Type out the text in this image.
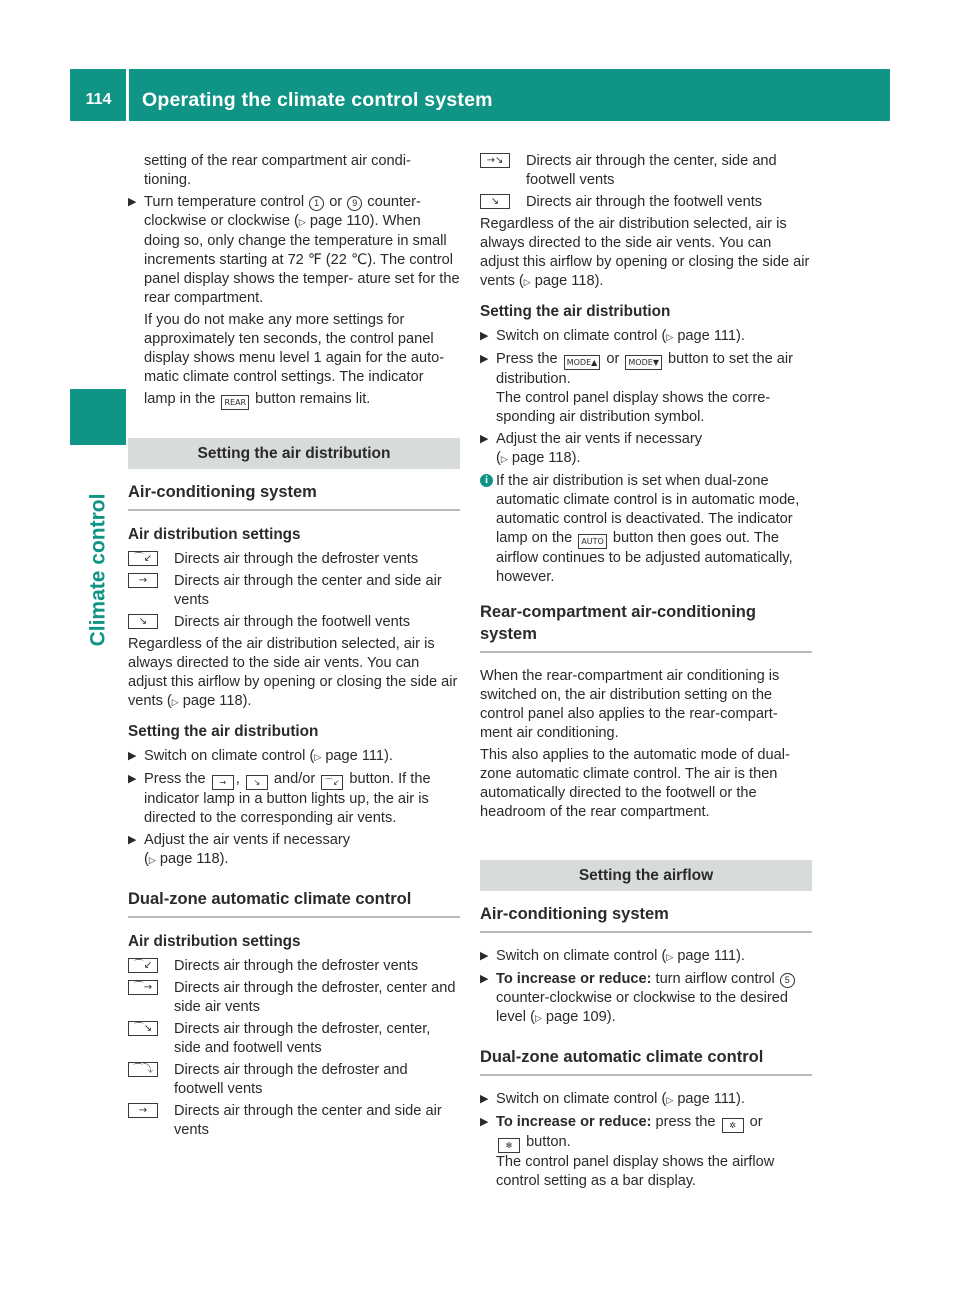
114	Operating the climate control system
Climate control

setting of the rear compartment air condi- tioning.

▶ Turn temperature control 1 or 9 counter- clockwise or clockwise (▷ page 110). When doing so, only change the temperature in small increments starting at 72 ℉ (22 ℃). The control panel display shows the temper- ature set for the rear compartment.

If you do not make any more settings for approximately ten seconds, the control panel display shows menu level 1 again for the auto- matic climate control settings. The indicator

lamp in the REAR button remains lit.

Setting the air distribution
Air-conditioning system
Air distribution settings
⌒↙	Directs air through the defroster vents
→	Directs air through the center and side air vents
↘	Directs air through the footwell vents

Regardless of the air distribution selected, air is always directed to the side air vents. You can adjust this airflow by opening or closing the side air vents (▷ page 118).

Setting the air distribution
▶ Switch on climate control (▷ page 111).
▶ Press the → , ↘ and/or ⌒↙ button. If the indicator lamp in a button lights up, the air is directed to the corresponding air vents.
▶ Adjust the air vents if necessary
(▷ page 118).
Dual-zone automatic climate control
Air distribution settings
⌒↙	Directs air through the defroster vents
⌒→	Directs air through the defroster, center and side air vents
⌒↘	Directs air through the defroster, center, side and footwell vents
⌒⤵	Directs air through the defroster and footwell vents
→	Directs air through the center and side air vents
→↘	Directs air through the center, side and footwell vents
↘	Directs air through the footwell vents

Regardless of the air distribution selected, air is always directed to the side air vents. You can adjust this airflow by opening or closing the side air vents (▷ page 118).

Setting the air distribution
▶ Switch on climate control (▷ page 111).
▶ Press the MODE▲ or MODE▼ button to set the air distribution.
The control panel display shows the corre- sponding air distribution symbol.
▶ Adjust the air vents if necessary
(▷ page 118).
i If the air distribution is set when dual-zone automatic climate control is in automatic mode, automatic control is deactivated. The indicator lamp on the AUTO button then goes out. The airflow continues to be adjusted automatically, however.
Rear-compartment air-conditioning system

When the rear-compartment air conditioning is switched on, the air distribution setting on the control panel also applies to the rear-compart- ment air conditioning.

This also applies to the automatic mode of dual- zone automatic climate control. The air is then automatically directed to the footwell or the headroom of the rear compartment.

Setting the airflow
Air-conditioning system
▶ Switch on climate control (▷ page 111).
▶ To increase or reduce: turn airflow control 5 counter-clockwise or clockwise to the desired level (▷ page 109).
Dual-zone automatic climate control
▶ Switch on climate control (▷ page 111).
▶ To increase or reduce: press the ✲ or
✻ button.
The control panel display shows the airflow control setting as a bar display.
